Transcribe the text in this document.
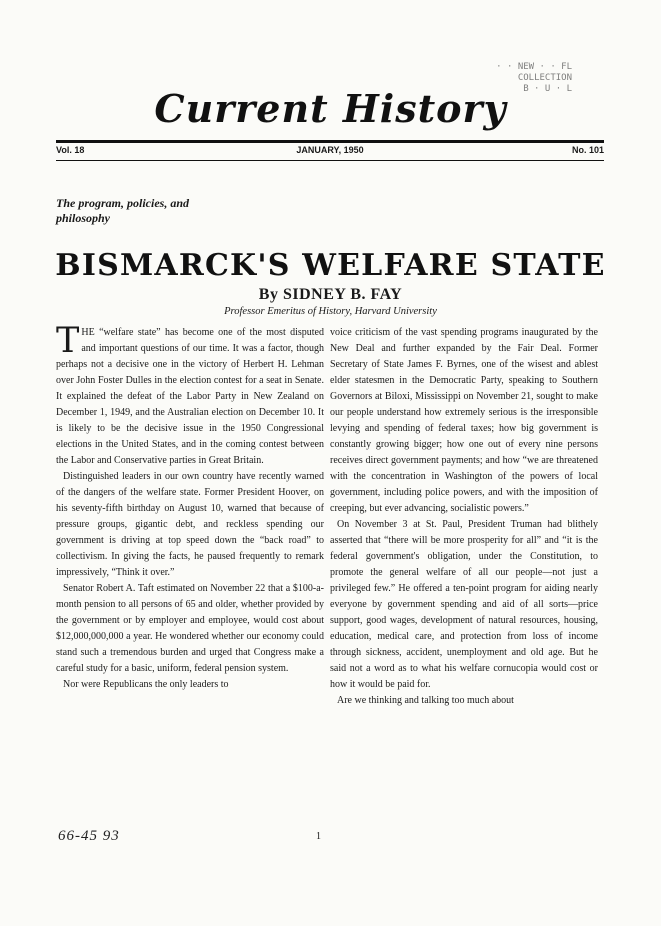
· · NEW · · FL
COLLECTION
B · U · L
Current History
Vol. 18	JANUARY, 1950	No. 101
The program, policies, and
philosophy
BISMARCK'S WELFARE STATE
By SIDNEY B. FAY
Professor Emeritus of History, Harvard University

THE “welfare state” has become one of the most disputed and important questions of our time. It was a factor, though perhaps not a decisive one in the victory of Herbert H. Lehman over John Foster Dulles in the election contest for a seat in Senate. It explained the defeat of the Labor Party in New Zealand on December 1, 1949, and the Australian election on December 10. It is likely to be the decisive issue in the 1950 Congressional elections in the United States, and in the coming contest between the Labor and Conservative parties in Great Britain.

Distinguished leaders in our own country have recently warned of the dangers of the welfare state. Former President Hoover, on his seventy-fifth birthday on August 10, warned that because of pressure groups, gigantic debt, and reckless spending our government is driving at top speed down the “back road” to collectivism. In giving the facts, he paused frequently to remark impressively, “Think it over.”

Senator Robert A. Taft estimated on November 22 that a $100-a-month pension to all persons of 65 and older, whether provided by the government or by employer and employee, would cost about $12,000,000,000 a year. He wondered whether our economy could stand such a tremendous burden and urged that Congress make a careful study for a basic, uniform, federal pension system.

Nor were Republicans the only leaders to

voice criticism of the vast spending programs inaugurated by the New Deal and further expanded by the Fair Deal. Former Secretary of State James F. Byrnes, one of the wisest and ablest elder statesmen in the Democratic Party, speaking to Southern Governors at Biloxi, Mississippi on November 21, sought to make our people understand how extremely serious is the irresponsible levying and spending of federal taxes; how big government is constantly growing bigger; how one out of every nine persons receives direct government payments; and how “we are threatened with the concentration in Washington of the powers of local government, including police powers, and with the imposition of creeping, but ever advancing, socialistic powers.”

On November 3 at St. Paul, President Truman had blithely asserted that “there will be more prosperity for all” and “it is the federal government's obligation, under the Constitution, to promote the general welfare of all our people—not just a privileged few.” He offered a ten-point program for aiding nearly everyone by government spending and aid of all sorts—price support, good wages, development of natural resources, housing, education, medical care, and protection from loss of income through sickness, accident, unemployment and old age. But he said not a word as to what his welfare cornucopia would cost or how it would be paid for.

Are we thinking and talking too much about

66-45 93	1
